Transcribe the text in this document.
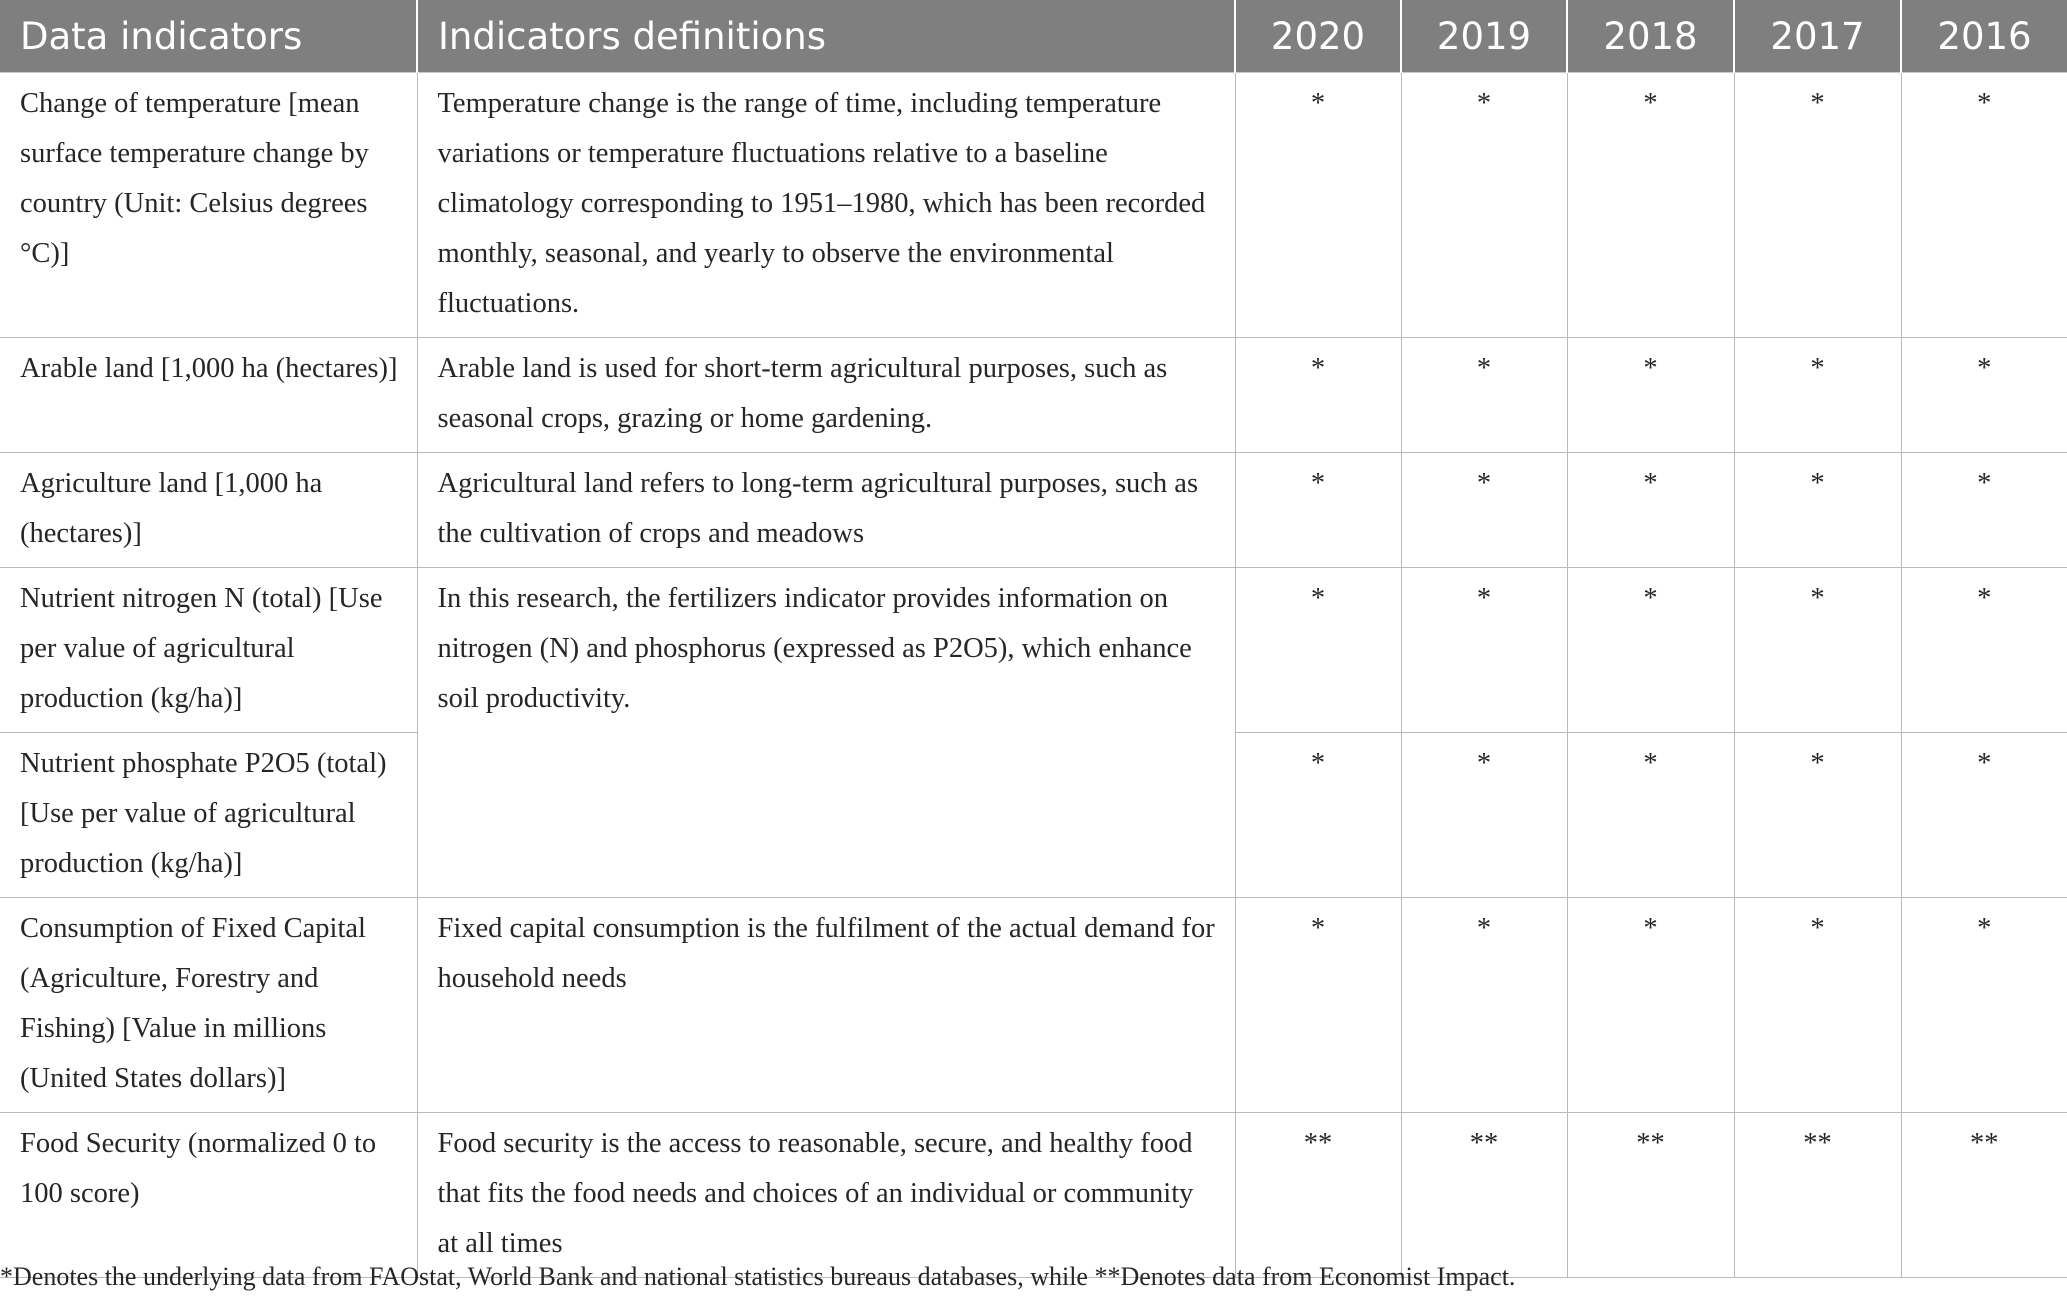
Data indicators	Indicators definitions	2020	2019	2018	2017	2016
Change of temperature [mean surface temperature change by country (Unit: Celsius degrees °C)]	Temperature change is the range of time, including temperature variations or temperature fluctuations relative to a baseline climatology corresponding to 1951–1980, which has been recorded monthly, seasonal, and yearly to observe the environmental fluctuations.	*	*	*	*	*
Arable land [1,000 ha (hectares)]	Arable land is used for short-term agricultural purposes, such as seasonal crops, grazing or home gardening.	*	*	*	*	*
Agriculture land [1,000 ha (hectares)]	Agricultural land refers to long-term agricultural purposes, such as the cultivation of crops and meadows	*	*	*	*	*
Nutrient nitrogen N (total) [Use per value of agricultural production (kg/ha)]	In this research, the fertilizers indicator provides information on nitrogen (N) and phosphorus (expressed as P2O5), which enhance soil productivity.	*	*	*	*	*
Nutrient phosphate P2O5 (total) [Use per value of agricultural production (kg/ha)]		*	*	*	*	*
Consumption of Fixed Capital (Agriculture, Forestry and Fishing) [Value in millions (United States dollars)]	Fixed capital consumption is the fulfilment of the actual demand for household needs	*	*	*	*	*
Food Security (normalized 0 to 100 score)	Food security is the access to reasonable, secure, and healthy food that fits the food needs and choices of an individual or community at all times	**	**	**	**	**
*Denotes the underlying data from FAOstat, World Bank and national statistics bureaus databases, while **Denotes data from Economist Impact.
